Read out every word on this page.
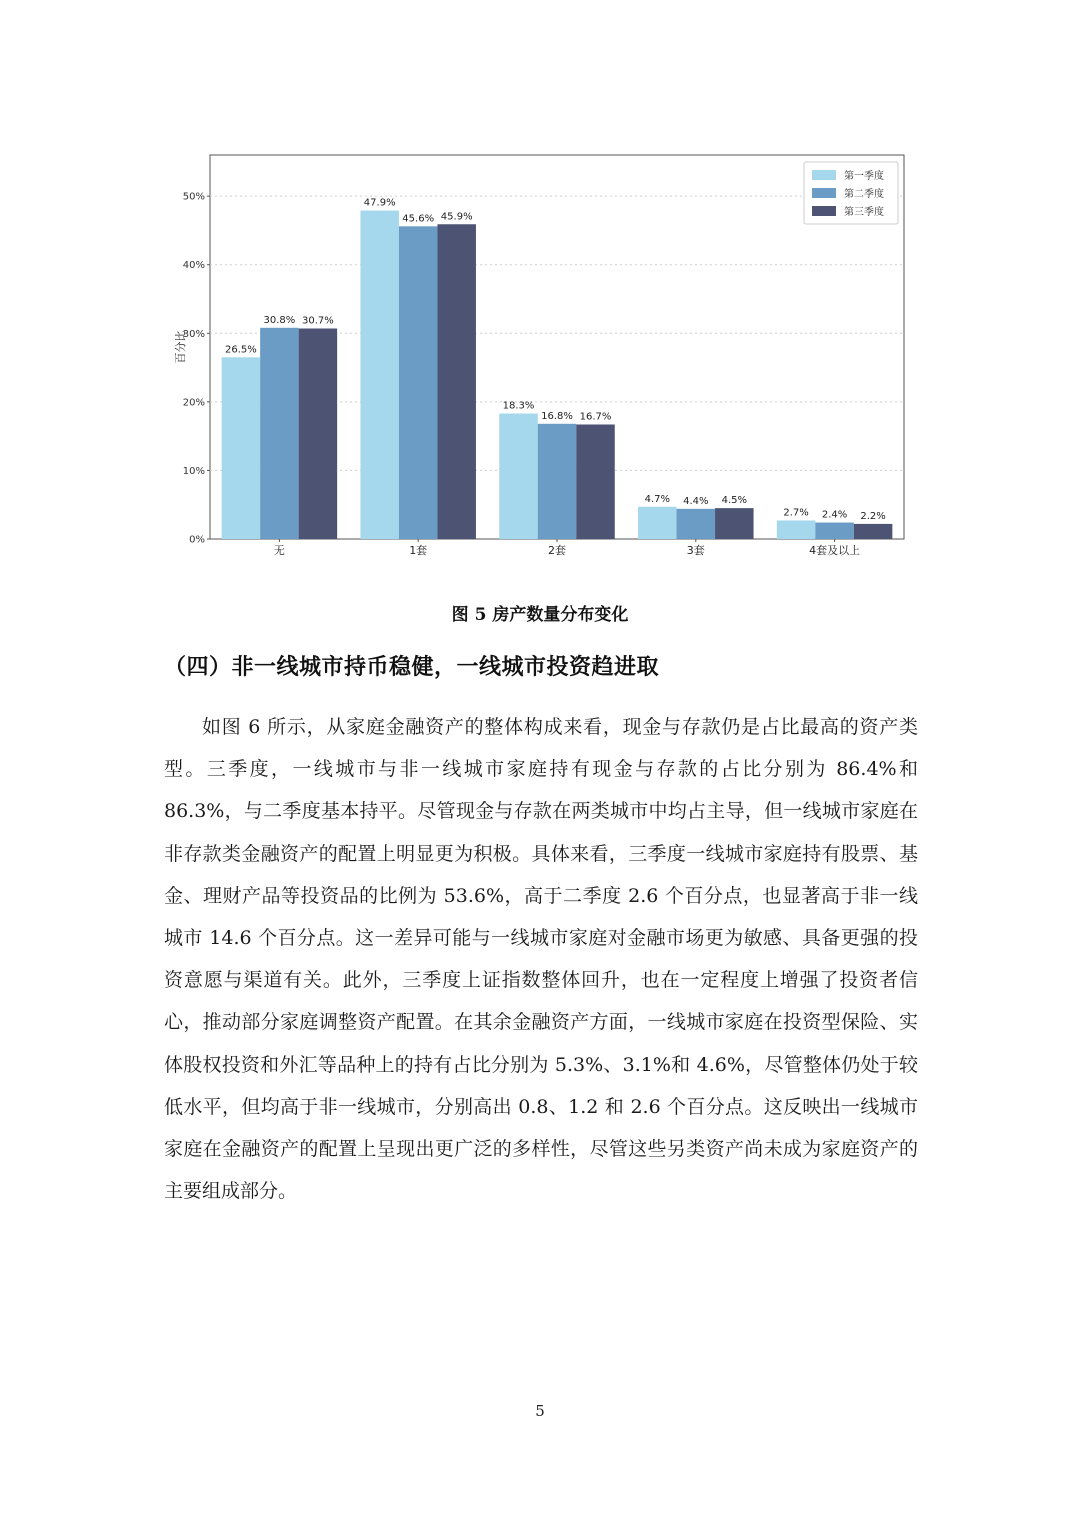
0%
10%
20%
30%
40%
50%
百分比	26.5%
30.8% 30.7%
无
47.9%
45.6% 45.9%
1套
18.3%
16.8% 16.7%
2套
4.7% 4.4% 4.5%
3套
2.7% 2.4% 2.2%
4套及以上
第一季度
第二季度
第三季度
图 5 房产数量分布变化
（四）非一线城市持币稳健，一线城市投资趋进取

如图 6 所示，从家庭金融资产的整体构成来看，现金与存款仍是占比最高的资产类型。三季度，一线城市与非一线城市家庭持有现金与存款的占比分别为 86.4%和 86.3%，与二季度基本持平。尽管现金与存款在两类城市中均占主导，但一线城市家庭在非存款类金融资产的配置上明显更为积极。具体来看，三季度一线城市家庭持有股票、基金、理财产品等投资品的比例为 53.6%，高于二季度 2.6 个百分点，也显著高于非一线城市 14.6 个百分点。这一差异可能与一线城市家庭对金融市场更为敏感、具备更强的投资意愿与渠道有关。此外，三季度上证指数整体回升，也在一定程度上增强了投资者信心，推动部分家庭调整资产配置。在其余金融资产方面，一线城市家庭在投资型保险、实体股权投资和外汇等品种上的持有占比分别为 5.3%、3.1%和 4.6%，尽管整体仍处于较低水平，但均高于非一线城市，分别高出 0.8、1.2 和 2.6 个百分点。这反映出一线城市家庭在金融资产的配置上呈现出更广泛的多样性，尽管这些另类资产尚未成为家庭资产的主要组成部分。

5
